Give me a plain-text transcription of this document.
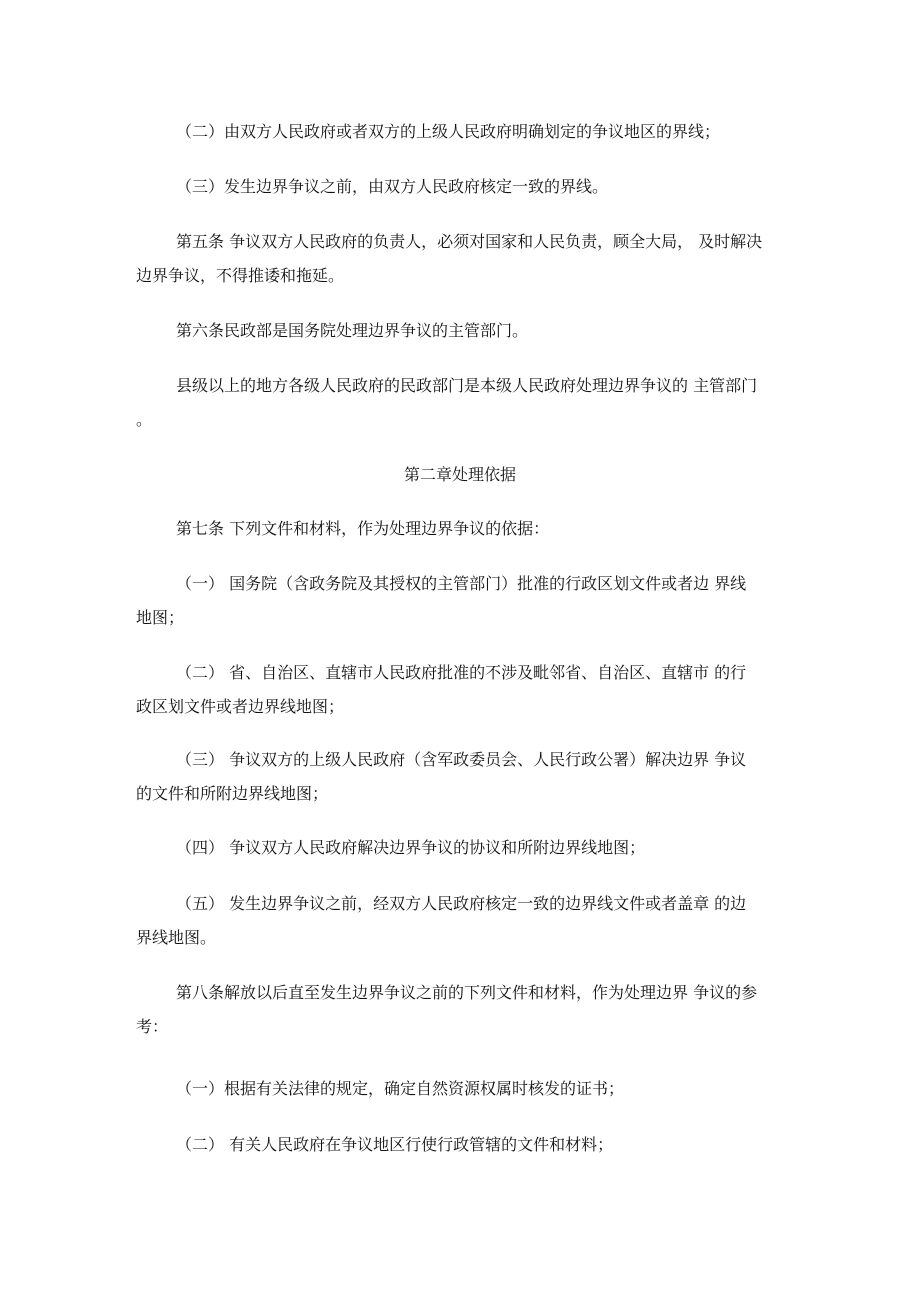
（二）由双方人民政府或者双方的上级人民政府明确划定的争议地区的界线；
（三）发生边界争议之前，由双方人民政府核定一致的界线。
第五条 争议双方人民政府的负责人，必须对国家和人民负责，顾全大局， 及时解决
边界争议，不得推诿和拖延。
第六条民政部是国务院处理边界争议的主管部门。
县级以上的地方各级人民政府的民政部门是本级人民政府处理边界争议的 主管部门
。
第二章处理依据
第七条 下列文件和材料，作为处理边界争议的依据：
（一） 国务院（含政务院及其授权的主管部门）批准的行政区划文件或者边 界线
地图；
（二） 省、自治区、直辖市人民政府批准的不涉及毗邻省、自治区、直辖市 的行
政区划文件或者边界线地图；
（三） 争议双方的上级人民政府（含军政委员会、人民行政公署）解决边界 争议
的文件和所附边界线地图；
（四） 争议双方人民政府解决边界争议的协议和所附边界线地图；
（五） 发生边界争议之前，经双方人民政府核定一致的边界线文件或者盖章 的边
界线地图。
第八条解放以后直至发生边界争议之前的下列文件和材料，作为处理边界 争议的参
考：
（一）根据有关法律的规定，确定自然资源权属时核发的证书；
（二） 有关人民政府在争议地区行使行政管辖的文件和材料；
